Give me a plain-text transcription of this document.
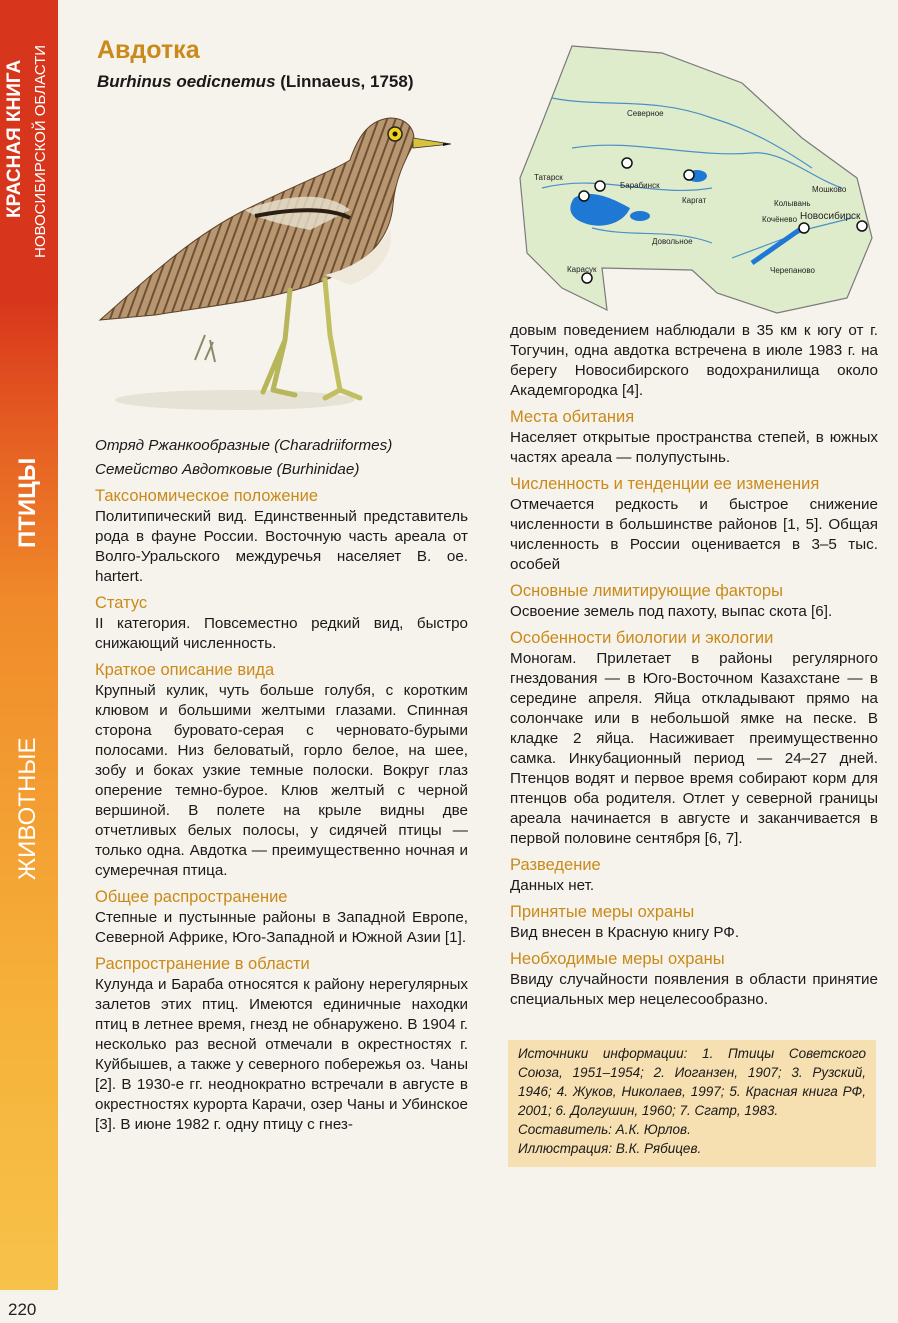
КРАСНАЯ КНИГА НОВОСИБИРСКОЙ ОБЛАСТИ
ПТИЦЫ
ЖИВОТНЫЕ
220
Авдотка
Burhinus oedicnemus (Linnaeus, 1758)
Северное
Татарск
Барабинск
Каргат
Мошково
Колывань
Новосибирск
Кочёнево
Довольное
Карасук	Черепаново

Отряд Ржанкообразные (Charadriiformes)

Семейство Авдотковые (Burhinidae)

Таксономическое положение

Политипический вид. Единственный представитель рода в фауне России. Восточную часть ареала от Волго-Уральского междуречья населяет B. oe. hartert.

Статус

II категория. Повсеместно редкий вид, быстро снижающий численность.

Краткое описание вида

Крупный кулик, чуть больше голубя, с коротким клювом и большими желтыми глазами. Спинная сторона буровато-серая с черновато-бурыми полосами. Низ беловатый, горло белое, на шее, зобу и боках узкие темные полоски. Вокруг глаз оперение темно-бурое. Клюв желтый с черной вершиной. В полете на крыле видны две отчетливых белых полосы, у сидячей птицы — только одна. Авдотка — преимущественно ночная и сумеречная птица.

Общее распространение

Степные и пустынные районы в Западной Европе, Северной Африке, Юго-Западной и Южной Азии [1].

Распространение в области

Кулунда и Бараба относятся к району нерегулярных залетов этих птиц. Имеются единичные находки птиц в летнее время, гнезд не обнаружено. В 1904 г. несколько раз весной отмечали в окрестностях г. Куйбышев, а также у северного побережья оз. Чаны [2]. В 1930-е гг. неоднократно встречали в августе в окрестностях курорта Карачи, озер Чаны и Убинское [3]. В июне 1982 г. одну птицу с гнез-

довым поведением наблюдали в 35 км к югу от г. Тогучин, одна авдотка встречена в июле 1983 г. на берегу Новосибирского водохранилища около Академгородка [4].

Места обитания

Населяет открытые пространства степей, в южных частях ареала — полупустынь.

Численность и тенденции ее изменения

Отмечается редкость и быстрое снижение численности в большинстве районов [1, 5]. Общая численность в России оценивается в 3–5 тыс. особей

Основные лимитирующие факторы

Освоение земель под пахоту, выпас скота [6].

Особенности биологии и экологии

Моногам. Прилетает в районы регулярного гнездования — в Юго-Восточном Казахстане — в середине апреля. Яйца откладывают прямо на солончаке или в небольшой ямке на песке. В кладке 2 яйца. Насиживает преимущественно самка. Инкубационный период — 24–27 дней. Птенцов водят и первое время собирают корм для птенцов оба родителя. Отлет у северной границы ареала начинается в августе и заканчивается в первой половине сентября [6, 7].

Разведение

Данных нет.

Принятые меры охраны

Вид внесен в Красную книгу РФ.

Необходимые меры охраны

Ввиду случайности появления в области принятие специальных мер нецелесообразно.

Источники информации: 1. Птицы Советского Союза, 1951–1954; 2. Иоганзен, 1907; 3. Рузский, 1946; 4. Жуков, Николаев, 1997; 5. Красная книга РФ, 2001; 6. Долгушин, 1960; 7. Cгатр, 1983.
Составитель: А.К. Юрлов.
Иллюстрация: В.К. Рябицев.
